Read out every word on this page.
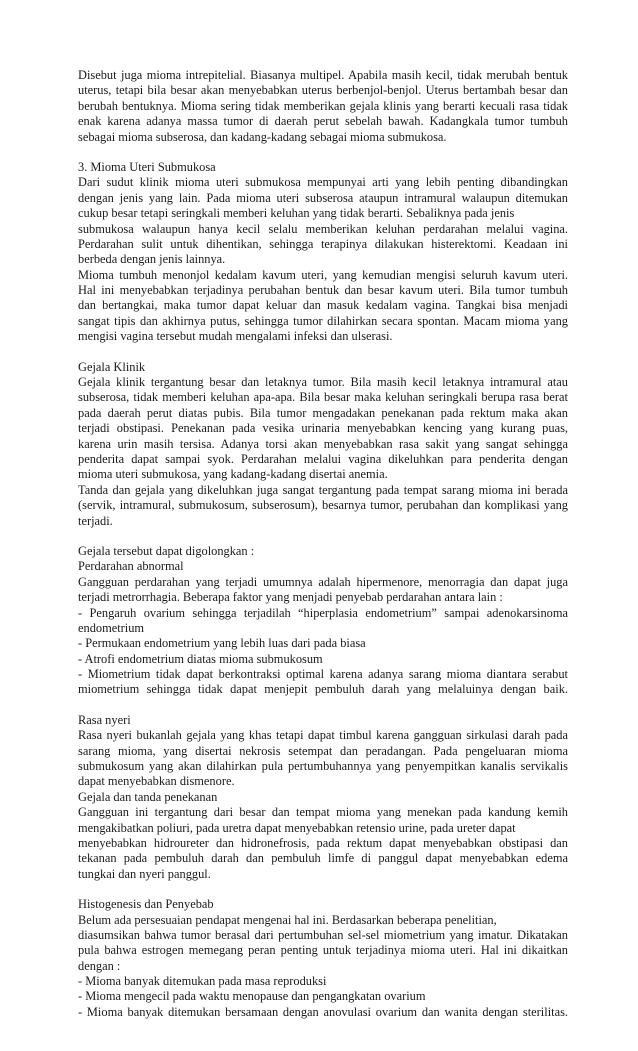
Disebut juga mioma intrepitelial. Biasanya multipel. Apabila masih kecil, tidak merubah bentuk
uterus, tetapi bila besar akan menyebabkan uterus berbenjol-benjol. Uterus bertambah besar dan
berubah bentuknya. Mioma sering tidak memberikan gejala klinis yang berarti kecuali rasa tidak
enak karena adanya massa tumor di daerah perut sebelah bawah. Kadangkala tumor tumbuh
sebagai mioma subserosa, dan kadang-kadang sebagai mioma submukosa.
3. Mioma Uteri Submukosa
Dari sudut klinik mioma uteri submukosa mempunyai arti yang lebih penting dibandingkan
dengan jenis yang lain. Pada mioma uteri subserosa ataupun intramural walaupun ditemukan
cukup besar tetapi seringkali memberi keluhan yang tidak berarti. Sebaliknya pada jenis
submukosa walaupun hanya kecil selalu memberikan keluhan perdarahan melalui vagina.
Perdarahan sulit untuk dihentikan, sehingga terapinya dilakukan histerektomi. Keadaan ini
berbeda dengan jenis lainnya.
Mioma tumbuh menonjol kedalam kavum uteri, yang kemudian mengisi seluruh kavum uteri.
Hal ini menyebabkan terjadinya perubahan bentuk dan besar kavum uteri. Bila tumor tumbuh
dan bertangkai, maka tumor dapat keluar dan masuk kedalam vagina. Tangkai bisa menjadi
sangat tipis dan akhirnya putus, sehingga tumor dilahirkan secara spontan. Macam mioma yang
mengisi vagina tersebut mudah mengalami infeksi dan ulserasi.
Gejala Klinik
Gejala klinik tergantung besar dan letaknya tumor. Bila masih kecil letaknya intramural atau
subserosa, tidak memberi keluhan apa-apa. Bila besar maka keluhan seringkali berupa rasa berat
pada daerah perut diatas pubis. Bila tumor mengadakan penekanan pada rektum maka akan
terjadi obstipasi. Penekanan pada vesika urinaria menyebabkan kencing yang kurang puas,
karena urin masih tersisa. Adanya torsi akan menyebabkan rasa sakit yang sangat sehingga
penderita dapat sampai syok. Perdarahan melalui vagina dikeluhkan para penderita dengan
mioma uteri submukosa, yang kadang-kadang disertai anemia.
Tanda dan gejala yang dikeluhkan juga sangat tergantung pada tempat sarang mioma ini berada
(servik, intramural, submukosum, subserosum), besarnya tumor, perubahan dan komplikasi yang
terjadi.
Gejala tersebut dapat digolongkan :
Perdarahan abnormal
Gangguan perdarahan yang terjadi umumnya adalah hipermenore, menorragia dan dapat juga
terjadi metrorrhagia. Beberapa faktor yang menjadi penyebab perdarahan antara lain :
- Pengaruh ovarium sehingga terjadilah “hiperplasia endometrium” sampai adenokarsinoma
endometrium
- Permukaan endometrium yang lebih luas dari pada biasa
- Atrofi endometrium diatas mioma submukosum
- Miometrium tidak dapat berkontraksi optimal karena adanya sarang mioma diantara serabut
miometrium sehingga tidak dapat menjepit pembuluh darah yang melaluinya dengan baik.
Rasa nyeri
Rasa nyeri bukanlah gejala yang khas tetapi dapat timbul karena gangguan sirkulasi darah pada
sarang mioma, yang disertai nekrosis setempat dan peradangan. Pada pengeluaran mioma
submukosum yang akan dilahirkan pula pertumbuhannya yang penyempitkan kanalis servikalis
dapat menyebabkan dismenore.
Gejala dan tanda penekanan
Gangguan ini tergantung dari besar dan tempat mioma yang menekan pada kandung kemih
mengakibatkan poliuri, pada uretra dapat menyebabkan retensio urine, pada ureter dapat
menyebabkan hidroureter dan hidronefrosis, pada rektum dapat menyebabkan obstipasi dan
tekanan pada pembuluh darah dan pembuluh limfe di panggul dapat menyebabkan edema
tungkai dan nyeri panggul.
Histogenesis dan Penyebab
Belum ada persesuaian pendapat mengenai hal ini. Berdasarkan beberapa penelitian,
diasumsikan bahwa tumor berasal dari pertumbuhan sel-sel miometrium yang imatur. Dikatakan
pula bahwa estrogen memegang peran penting untuk terjadinya mioma uteri. Hal ini dikaitkan
dengan :
- Mioma banyak ditemukan pada masa reproduksi
- Mioma mengecil pada waktu menopause dan pengangkatan ovarium
- Mioma banyak ditemukan bersamaan dengan anovulasi ovarium dan wanita dengan sterilitas.
